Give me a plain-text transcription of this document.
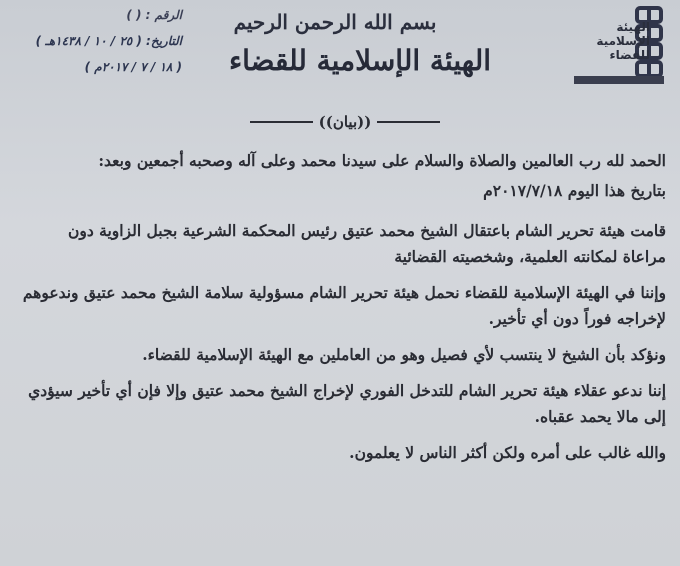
الرقم : ( )
التاريخ: ( ٢٥ / ١٠ / ١٤٣٨هـ )
( ١٨ / ٧ / ٢٠١٧م )
بسم الله الرحمن الرحيم
الهيئة الإسلامية للقضاء
الهيئة
الإسلامية
للقضاء
((بيان))

الحمد لله رب العالمين والصلاة والسلام على سيدنا محمد وعلى آله وصحبه أجمعين وبعد:

بتاريخ هذا اليوم ٢٠١٧/٧/١٨م

قامت هيئة تحرير الشام باعتقال الشيخ محمد عتيق رئيس المحكمة الشرعية بجبل الزاوية دون مراعاة لمكانته العلمية، وشخصيته القضائية

وإننا في الهيئة الإسلامية للقضاء نحمل هيئة تحرير الشام مسؤولية سلامة الشيخ محمد عتيق وندعوهم لإخراجه فوراً دون أي تأخير.

ونؤكد بأن الشيخ لا ينتسب لأي فصيل وهو من العاملين مع الهيئة الإسلامية للقضاء.

إننا ندعو عقلاء هيئة تحرير الشام للتدخل الفوري لإخراج الشيخ محمد عتيق وإلا فإن أي تأخير سيؤدي إلى مالا يحمد عقباه.

والله غالب على أمره ولكن أكثر الناس لا يعلمون.
